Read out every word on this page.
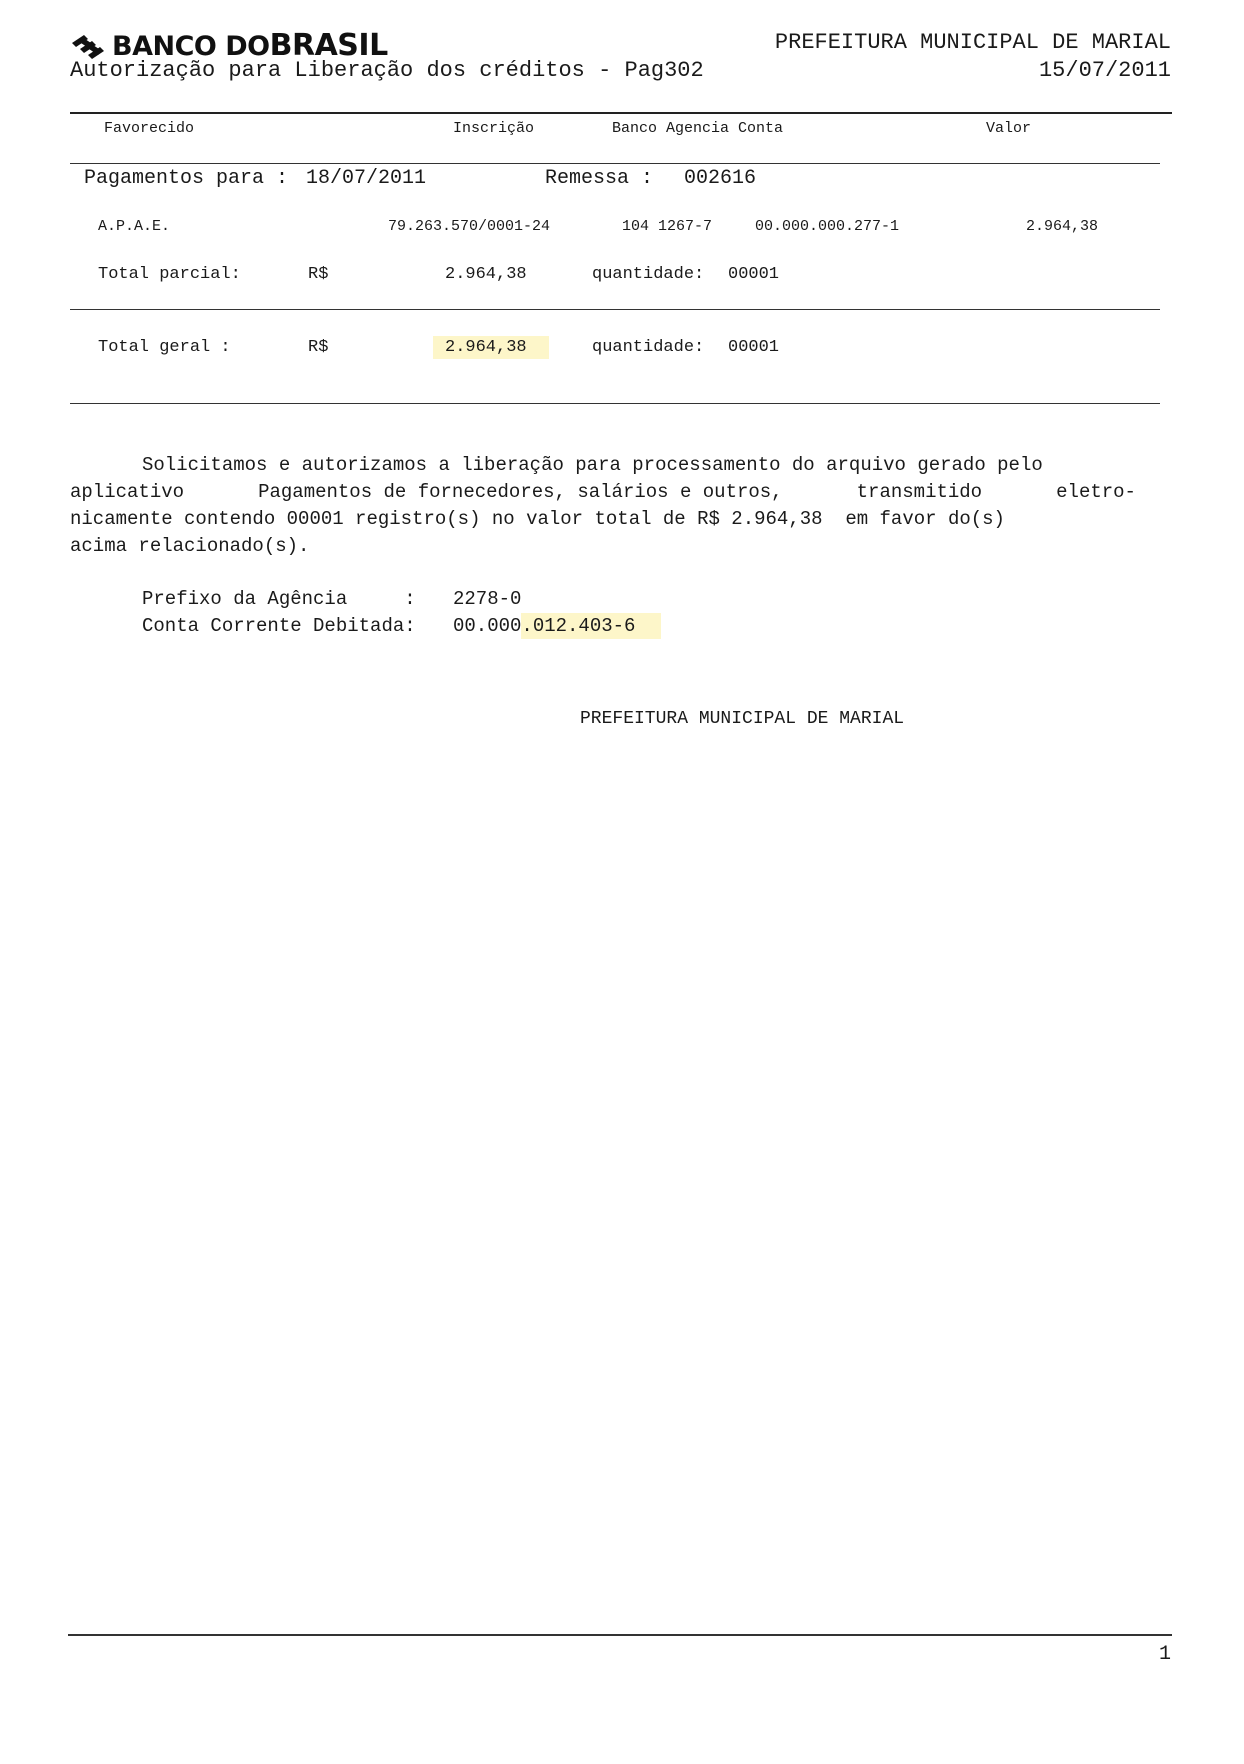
BANCO DOBRASIL	PREFEITURA MUNICIPAL DE MARIAL
Autorização para Liberação dos créditos - Pag302	15/07/2011
Favorecido	Inscrição	Banco Agencia Conta	Valor
Pagamentos para : 18/07/2011	Remessa : 002616
A.P.A.E.	79.263.570/0001-24	104 1267-7	00.000.000.277-1	2.964,38
Total parcial:	R$	2.964,38	quantidade: 00001
Total geral :	R$	2.964,38	quantidade: 00001
Solicitamos e autorizamos a liberação para processamento do arquivo gerado pelo
aplicativo	Pagamentos de fornecedores, salários e outros,	transmitido	eletro-
nicamente contendo 00001 registro(s) no valor total de R$ 2.964,38  em favor do(s)
acima relacionado(s).
Prefixo da Agência     : 2278-0
Conta Corrente Debitada: 00.000.012.403-6
PREFEITURA MUNICIPAL DE MARIAL
1
